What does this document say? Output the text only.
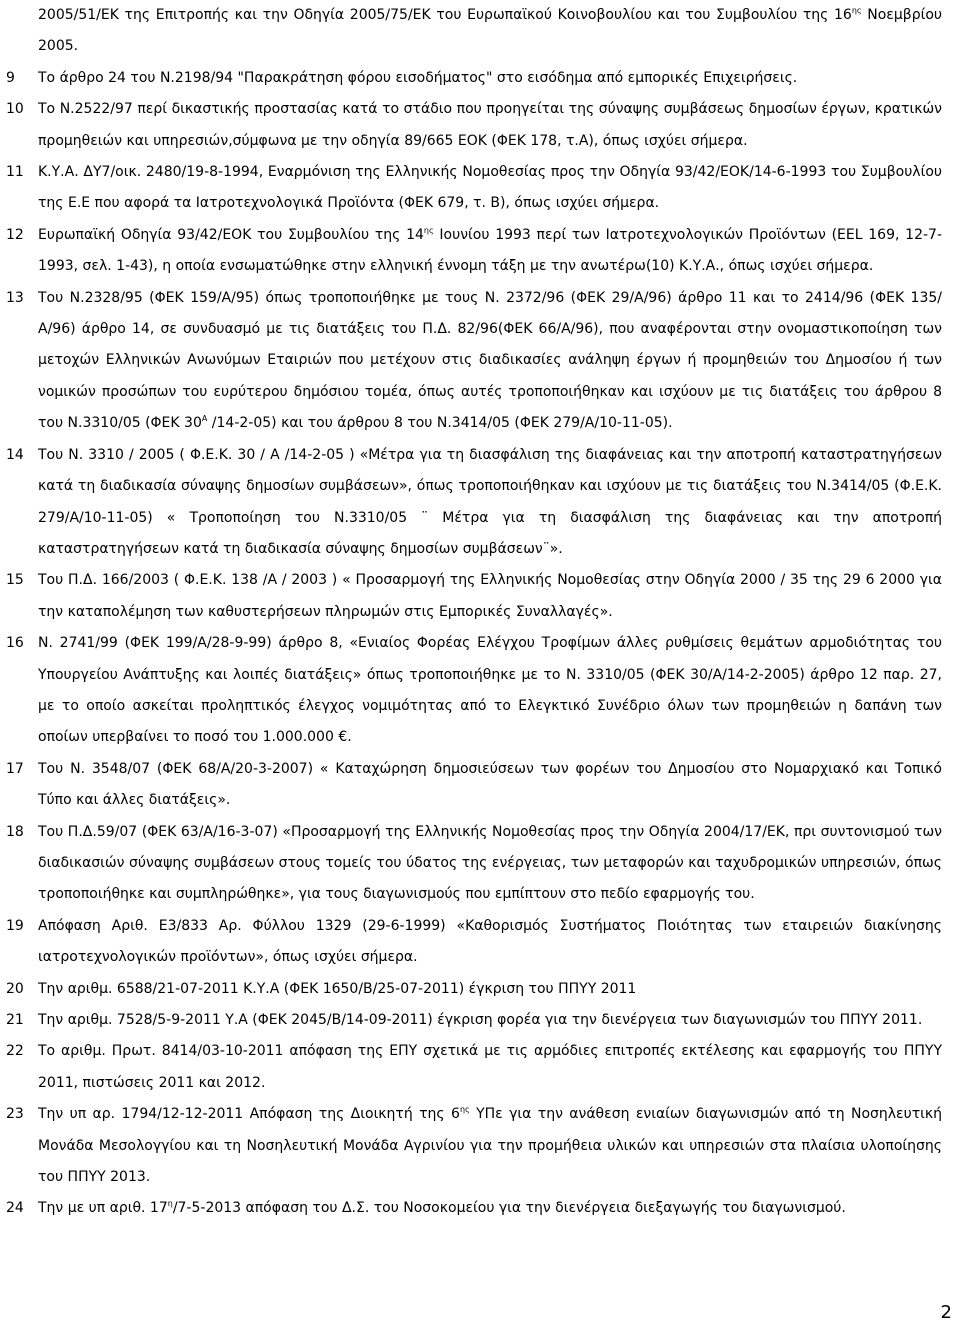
2005/51/ΕΚ της Επιτροπής και την Οδηγία 2005/75/ΕΚ του Ευρωπαϊκού Κοινοβουλίου και του Συμβουλίου της $16^{\eta\varsigma}$ Νοεμβρίου 2005.
9	Το άρθρο 24 του Ν.2198/94 "Παρακράτηση φόρου εισοδήματος" στο εισόδημα από εμπορικές Επιχειρήσεις.
10	Το Ν.2522/97 περί δικαστικής προστασίας κατά το στάδιο που προηγείται της σύναψης συμβάσεως δημοσίων έργων, κρατικών προμηθειών και υπηρεσιών,σύμφωνα με την οδηγία 89/665 ΕΟΚ (ΦΕΚ 178, τ.Α), όπως ισχύει σήμερα.
11	Κ.Υ.Α. ΔΥ7/οικ. 2480/19-8-1994, Εναρμόνιση της Ελληνικής Νομοθεσίας προς την Οδηγία 93/42/ΕΟΚ/14-6-1993 του Συμβουλίου της Ε.Ε που αφορά τα Ιατροτεχνολογικά Προϊόντα (ΦΕΚ 679, τ. Β), όπως ισχύει σήμερα.
12	Ευρωπαϊκή Οδηγία 93/42/ΕΟΚ του Συμβουλίου της $14^{\eta\varsigma}$ Ιουνίου 1993 περί των Ιατροτεχνολογικών Προϊόντων (ΕΕL 169, 12-7-1993, σελ. 1-43), η οποία ενσωματώθηκε στην ελληνική έννομη τάξη με την ανωτέρω(10) Κ.Υ.Α., όπως ισχύει σήμερα.
13	Του Ν.2328/95 (ΦΕΚ 159/Α/95) όπως τροποποιήθηκε με τους Ν. 2372/96 (ΦΕΚ 29/Α/96) άρθρο 11 και το 2414/96 (ΦΕΚ 135/Α/96) άρθρο 14, σε συνδυασμό με τις διατάξεις του Π.Δ. 82/96(ΦΕΚ 66/Α/96), που αναφέρονται στην ονομαστικοποίηση των μετοχών Ελληνικών Ανωνύμων Εταιριών που μετέχουν στις διαδικασίες ανάληψη έργων ή προμηθειών του Δημοσίου ή των νομικών προσώπων του ευρύτερου δημόσιου τομέα, όπως αυτές τροποποιήθηκαν και ισχύουν με τις διατάξεις του άρθρου 8 του Ν.3310/05 (ΦΕΚ $30^A$ /14-2-05) και του άρθρου 8 του Ν.3414/05 (ΦΕΚ 279/Α/10-11-05).
14	Του Ν. 3310 / 2005 ( Φ.Ε.Κ. 30 / Α /14-2-05 ) «Μέτρα για τη διασφάλιση της διαφάνειας και την αποτροπή καταστρατηγήσεων κατά τη διαδικασία σύναψης δημοσίων συμβάσεων», όπως τροποποιήθηκαν και ισχύουν με τις διατάξεις του Ν.3414/05 (Φ.Ε.Κ. 279/Α/10-11-05) « Τροποποίηση του Ν.3310/05 ¨ Μέτρα για τη διασφάλιση της διαφάνειας και την αποτροπή καταστρατηγήσεων κατά τη διαδικασία σύναψης δημοσίων συμβάσεων¨».
15	Του Π.Δ. 166/2003 ( Φ.Ε.Κ. 138 /Α / 2003 ) « Προσαρμογή της Ελληνικής Νομοθεσίας στην Οδηγία 2000 / 35 της 29 6 2000 για την καταπολέμηση των καθυστερήσεων πληρωμών στις Εμπορικές Συναλλαγές».
16	Ν. 2741/99 (ΦΕΚ 199/Α/28-9-99) άρθρο 8, «Ενιαίος Φορέας Ελέγχου Τροφίμων άλλες ρυθμίσεις θεμάτων αρμοδιότητας του Υπουργείου Ανάπτυξης και λοιπές διατάξεις» όπως τροποποιήθηκε με το Ν. 3310/05 (ΦΕΚ 30/Α/14-2-2005) άρθρο 12 παρ. 27, με το οποίο ασκείται προληπτικός έλεγχος νομιμότητας από το Ελεγκτικό Συνέδριο όλων των προμηθειών η δαπάνη των οποίων υπερβαίνει το ποσό του 1.000.000 €.
17	Του Ν. 3548/07 (ΦΕΚ 68/Α/20-3-2007) « Καταχώρηση δημοσιεύσεων των φορέων του Δημοσίου στο Νομαρχιακό και Τοπικό Τύπο και άλλες διατάξεις».
18	Του Π.Δ.59/07 (ΦΕΚ 63/Α/16-3-07) «Προσαρμογή της Ελληνικής Νομοθεσίας προς την Οδηγία 2004/17/ΕΚ, πρι συντονισμού των διαδικασιών σύναψης συμβάσεων στους τομείς του ύδατος της ενέργειας, των μεταφορών και ταχυδρομικών υπηρεσιών, όπως τροποποιήθηκε και συμπληρώθηκε», για τους διαγωνισμούς που εμπίπτουν στο πεδίο εφαρμογής του.
19	Απόφαση Αριθ. Ε3/833 Αρ. Φύλλου 1329 (29-6-1999) «Καθορισμός Συστήματος Ποιότητας των εταιρειών διακίνησης ιατροτεχνολογικών προϊόντων», όπως ισχύει σήμερα.
20	Την αριθμ. 6588/21-07-2011 Κ.Υ.Α (ΦΕΚ 1650/Β/25-07-2011) έγκριση του ΠΠΥΥ 2011
21	Την αριθμ. 7528/5-9-2011 Υ.Α (ΦΕΚ 2045/Β/14-09-2011) έγκριση φορέα για την διενέργεια των διαγωνισμών του ΠΠΥΥ 2011.
22	Το αριθμ. Πρωτ. 8414/03-10-2011 απόφαση της ΕΠΥ σχετικά με τις αρμόδιες επιτροπές εκτέλεσης και εφαρμογής του ΠΠΥΥ 2011, πιστώσεις 2011 και 2012.
23	Την υπ αρ. 1794/12-12-2011 Απόφαση της Διοικητή της $6^{\eta\varsigma}$ ΥΠε για την ανάθεση ενιαίων διαγωνισμών από τη Νοσηλευτική Μονάδα Μεσολογγίου και τη Νοσηλευτική Μονάδα Αγρινίου για την προμήθεια υλικών και υπηρεσιών στα πλαίσια υλοποίησης του ΠΠΥΥ 2013.
24	Την με υπ αριθ. $17^\eta/7-5-2013$ απόφαση του Δ.Σ. του Νοσοκομείου για την διενέργεια διεξαγωγής του διαγωνισμού.
2
